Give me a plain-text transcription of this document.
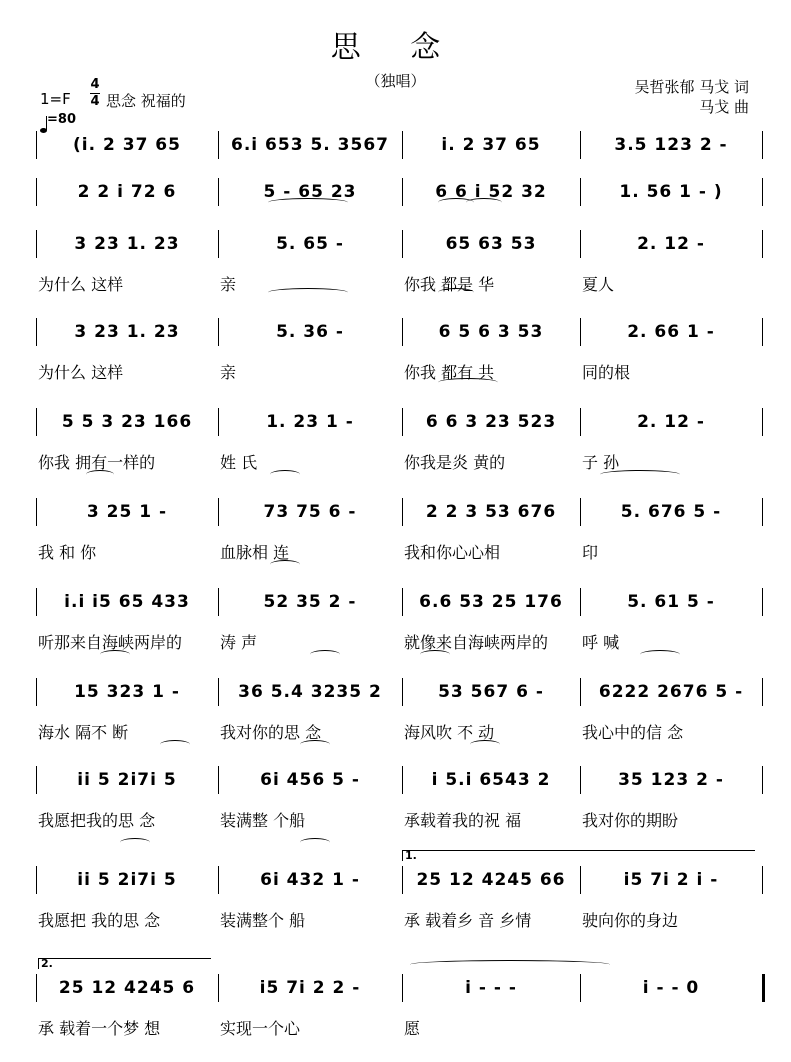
思 念
（独唱）	吴哲张郁 马戈 词
马戈 曲
1=F
4
4 思念 祝福的
=80
(i. 2 37 65	6.i 653 5. 3567	i. 2 37 65	3.5 123 2 -
2 2 i 72 6	5 - 65 23	6 6 i 52 32	1. 56 1 - )
3 23 1. 23	5. 65 -	65 63 53	2. 12 -
为什么 这样	亲	你我 都是 华	夏人
3 23 1. 23	5. 36 -	6 5 6 3 53	2. 66 1 -
为什么 这样	亲	你我 都有 共	同的根
5 5 3 23 166	1. 23 1 -	6 6 3 23 523	2. 12 -
你我 拥有一样的	姓 氏	你我是炎 黄的	子 孙
3 25 1 -	73 75 6 -	2 2 3 53 676	5. 676 5 -
我 和 你	血脉相 连	我和你心心相	印
i.i i5 65 433	52 35 2 -	6.6 53 25 176	5. 61 5 -
听那来自海峡两岸的	涛 声	就像来自海峡两岸的	呼 喊
15 323 1 -	36 5.4 3235 2	53 567 6 -	6222 2676 5 -
海水 隔不 断	我对你的思 念	海风吹 不 动	我心中的信 念
ii 5 2i7i 5	6i 456 5 -	i 5.i 6543 2	35 123 2 -
我愿把我的思 念	装满整 个船	承载着我的祝 福	我对你的期盼
ii 5 2i7i 5	6i 432 1 -	25 12 4245 66	i5 7i 2 i -
我愿把 我的思 念	装满整个 船	承 载着乡 音 乡情	驶向你的身边
25 12 4245 6	i5 7i 2 2 -	i - - -	i - - 0
承 载着一个梦 想	实现一个心	愿
1.
2.
